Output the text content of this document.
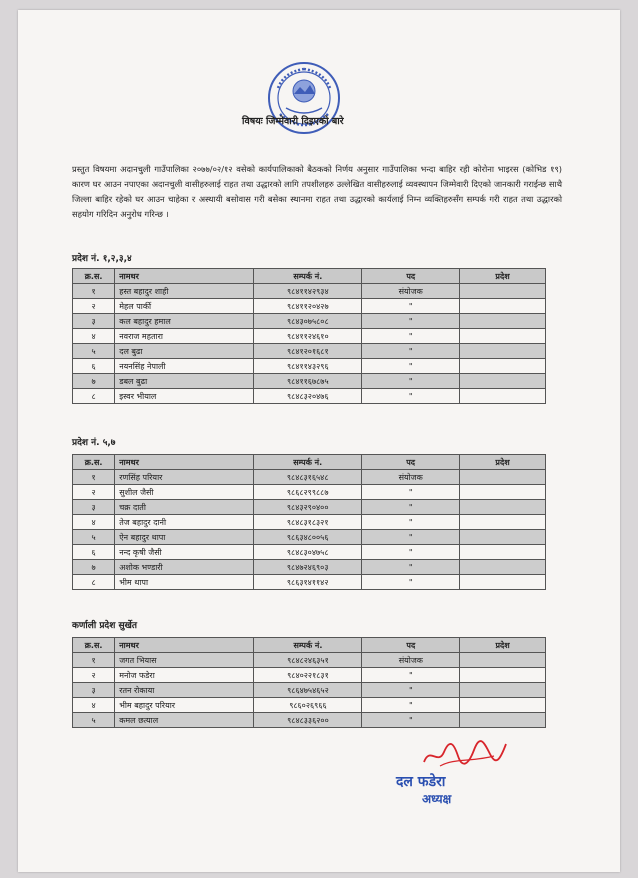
विषयः जिम्मेवारी दिइएको बारे
प्रस्तुत विषयमा अदानचुली गाउँपालिका २०७७/०२/१२ वसेको कार्यपालिकाको बैठकको निर्णय अनुसार गाउँपालिका भन्दा बाहिर रही कोरोना भाइरस (कोभिड १९) कारण घर आउन नपाएका अदानचुली वासीहरुलाई राहत तथा उद्धारको लागि तपशीलहरु उल्लेखित वासीहरुलाई व्यवस्थापन जिम्मेवारी दिएको जानकारी गराईन्छ साथै जिल्ला बाहिर रहेको घर आउन चाहेका र अस्थायी बसोवास गरी बसेका स्थानमा राहत तथा उद्धारको कार्यलाई निम्न व्यक्तिहरुसँग सम्पर्क गरी राहत तथा उद्धारको सहयोग गरिदिन अनुरोध गरिन्छ ।
प्रदेश नं. १,२,३,४
क्र.स.	नामथर	सम्पर्क नं.	पद	प्रदेश
१	हस्त बहादुर शाही	९८४११४२९३४	संयोजक	
२	मेहल पार्की	९८४११२०४२७	"	
३	कल बहादुर हमाल	९८४३०७५८०८	"	
४	नवराज महतारा	९८४११२४६१०	"	
५	दल बुढा	९८४१२०१६८१	"	
६	नयनसिंह नेपाली	९८४११४३२९६	"	
७	डबल बुढा	९८४११६७८७५	"	
८	इस्वर भीयाल	९८४८३२०४७६	"	
प्रदेश नं. ५,७
क्र.स.	नामथर	सम्पर्क नं.	पद	प्रदेश
१	रणसिंह परियार	९८४८३१६५४८	संयोजक	
२	सुशील जैसी	९८६८२९९८८७	"	
३	चक्र दाती	९८४३२९०४००	"	
४	तेज बहादुर दानी	९८४८३१८३२१	"	
५	ऐन बहादुर थापा	९८६३४८००५६	"	
६	नन्द कृषी जैसी	९८४८३०४७५८	"	
७	अशोक भण्डारी	९८४७२४६९०३	"	
८	भीम थापा	९८६३१४११४२	"	
कर्णाली प्रदेश सुर्खेत
क्र.स.	नामथर	सम्पर्क नं.	पद	प्रदेश
१	जगत भियास	९८४८२४६३५१	संयोजक	
२	मनोज फडेरा	९८४०२२१८३१	"	
३	रतन रोकाया	९८६४७५४६५२	"	
४	भीम बहादुर परियार	९८६०२६९६६	"	
५	कमल छत्याल	९८४८३३६२००	"	
दल फडेरा
अध्यक्ष
